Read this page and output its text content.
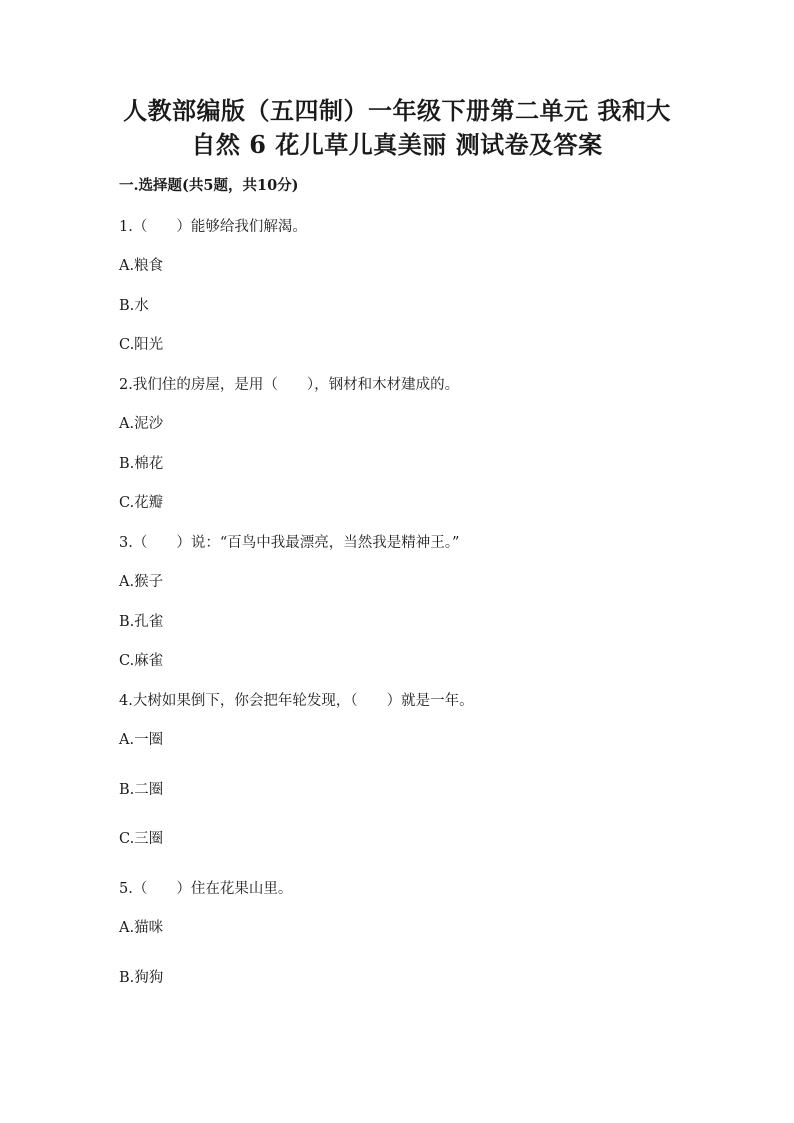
人教部编版（五四制）一年级下册第二单元 我和大
自然 6 花儿草儿真美丽 测试卷及答案
一.选择题(共5题，共10分)
1.（　　）能够给我们解渴。
A.粮食
B.水
C.阳光
2.我们住的房屋，是用（　　），钢材和木材建成的。
A.泥沙
B.棉花
C.花瓣
3.（　　）说：“百鸟中我最漂亮，当然我是精神王。”
A.猴子
B.孔雀
C.麻雀
4.大树如果倒下，你会把年轮发现，（　　）就是一年。
A.一圈
B.二圈
C.三圈
5.（　　）住在花果山里。
A.猫咪
B.狗狗
